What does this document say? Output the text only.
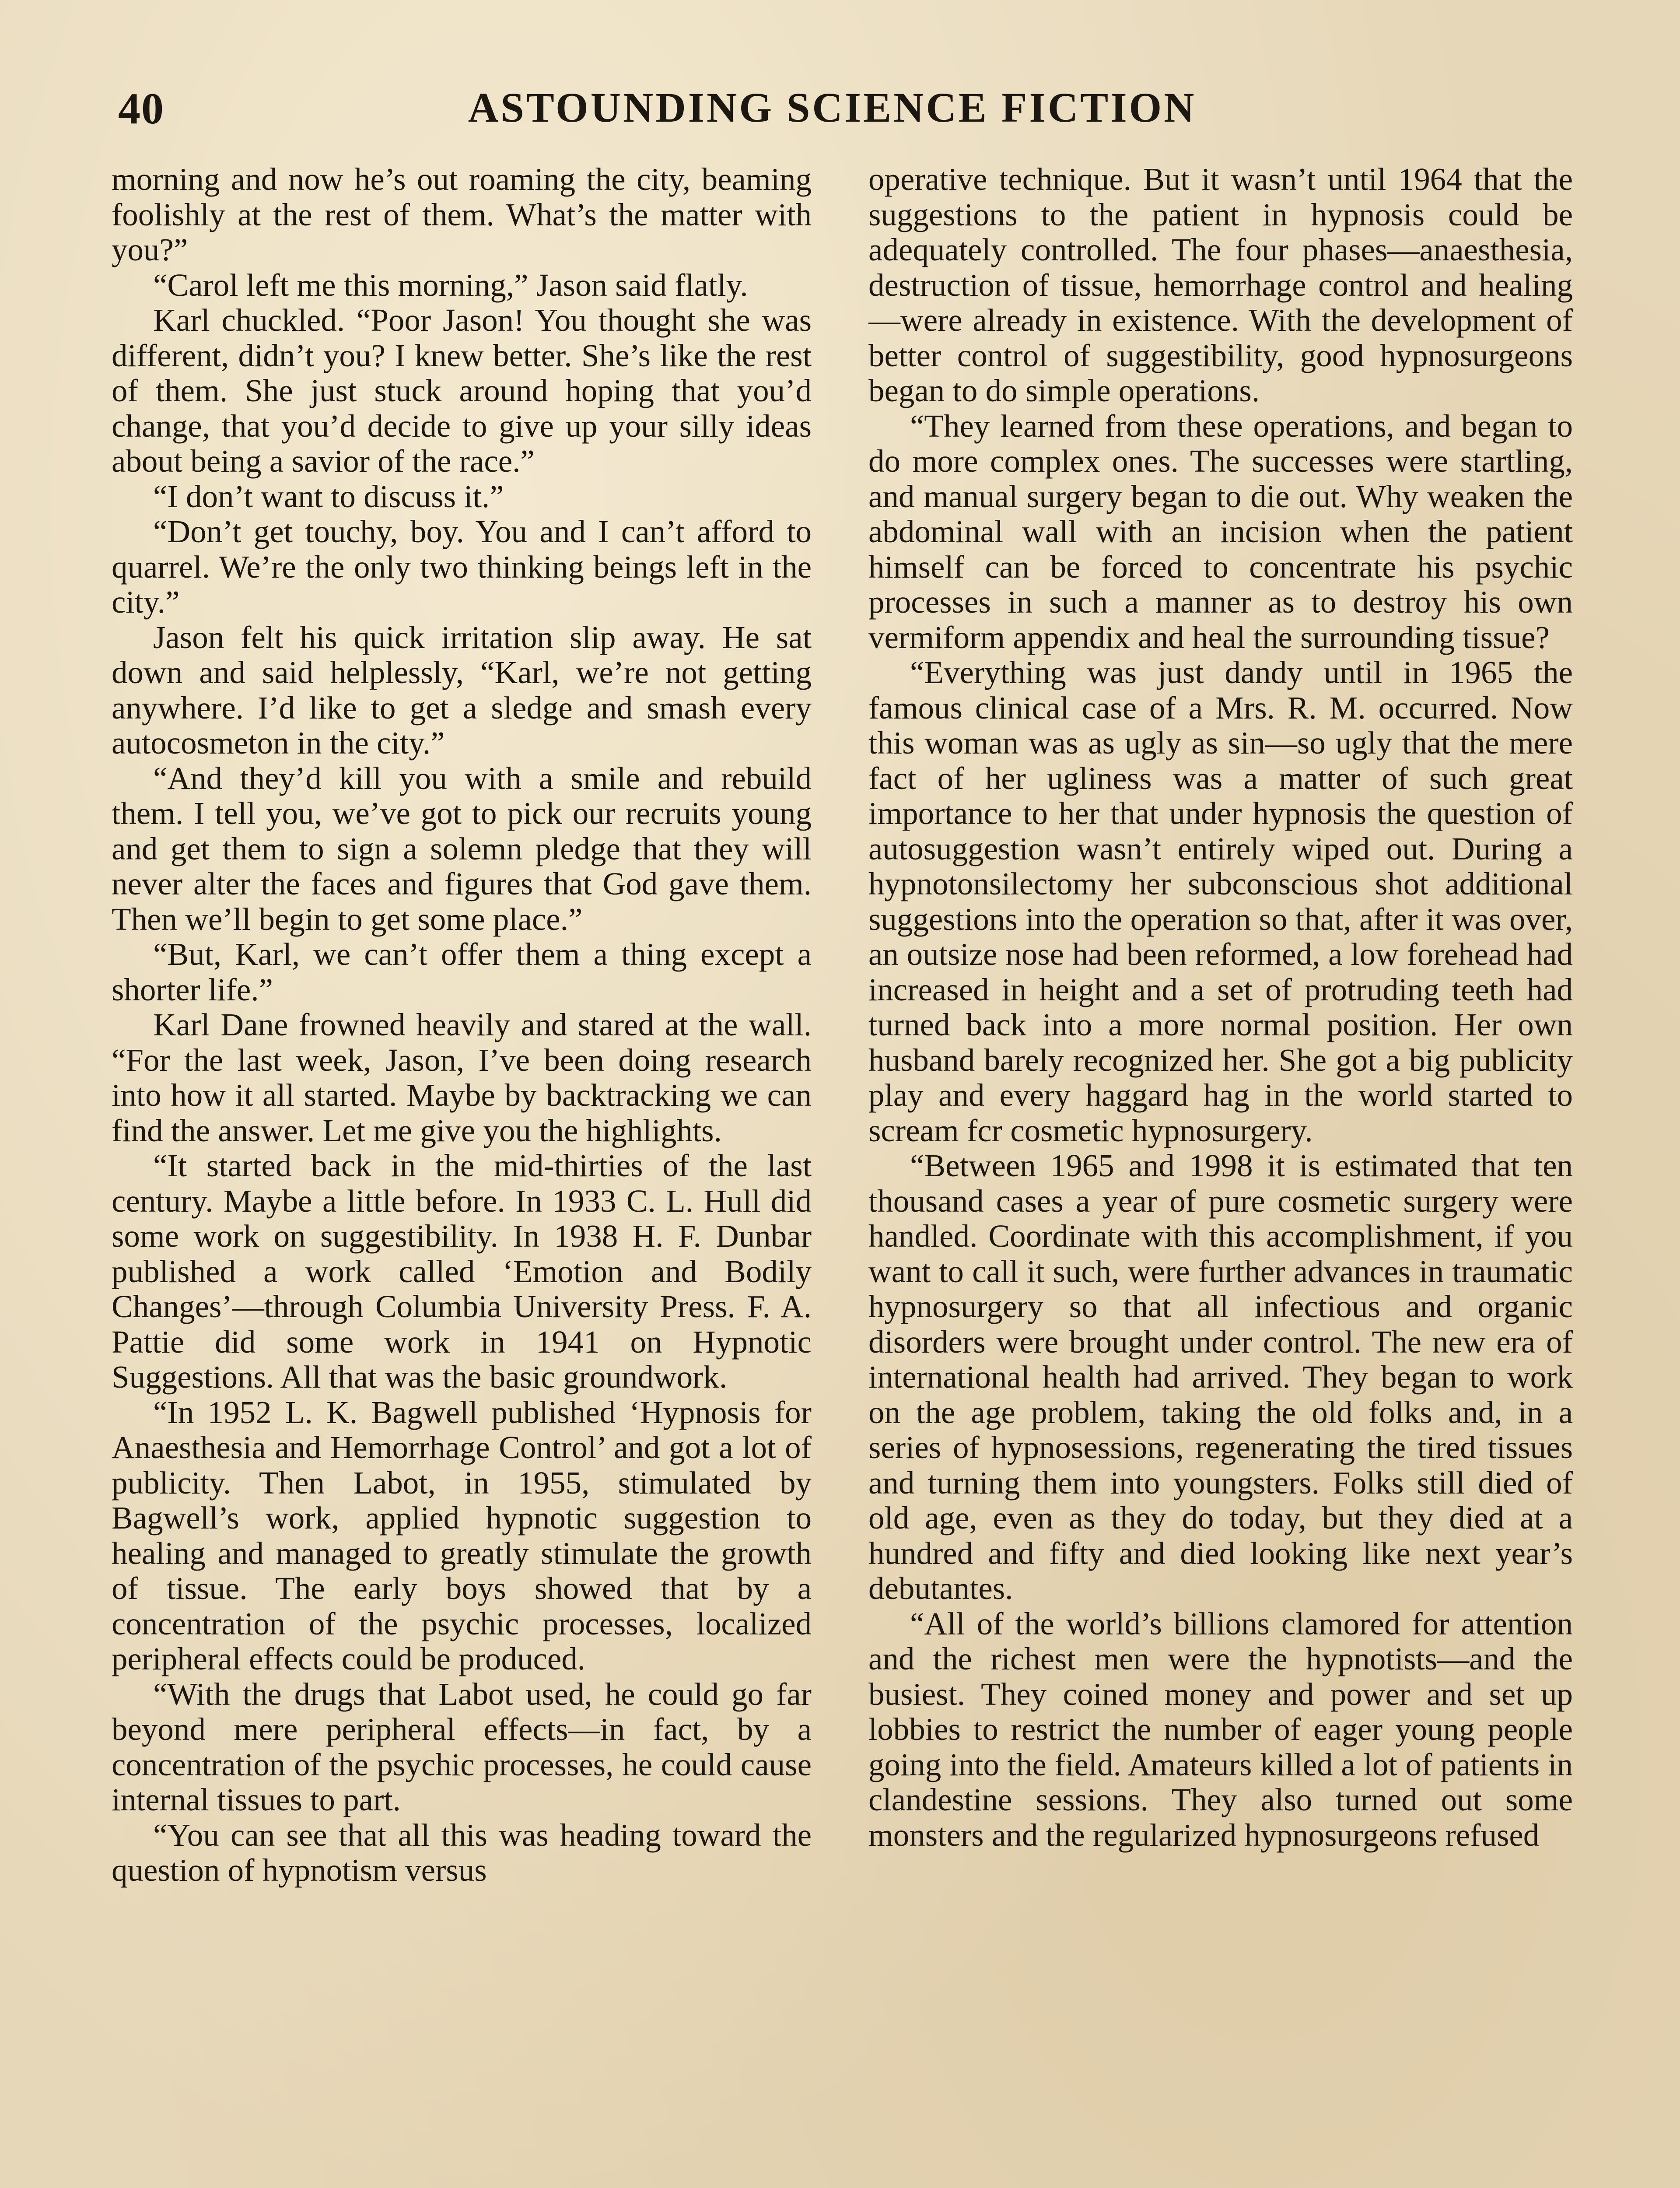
40	ASTOUNDING SCIENCE FICTION

morning and now he’s out roaming the city, beaming foolishly at the rest of them. What’s the matter with you?”

“Carol left me this morning,” Jason said flatly.

Karl chuckled. “Poor Jason! You thought she was different, didn’t you? I knew better. She’s like the rest of them. She just stuck around hoping that you’d change, that you’d decide to give up your silly ideas about being a savior of the race.”

“I don’t want to discuss it.”

“Don’t get touchy, boy. You and I can’t afford to quarrel. We’re the only two thinking beings left in the city.”

Jason felt his quick irritation slip away. He sat down and said helplessly, “Karl, we’re not getting anywhere. I’d like to get a sledge and smash every autocosmeton in the city.”

“And they’d kill you with a smile and rebuild them. I tell you, we’ve got to pick our recruits young and get them to sign a solemn pledge that they will never alter the faces and figures that God gave them. Then we’ll begin to get some place.”

“But, Karl, we can’t offer them a thing except a shorter life.”

Karl Dane frowned heavily and stared at the wall. “For the last week, Jason, I’ve been doing research into how it all started. Maybe by backtracking we can find the answer. Let me give you the highlights.

“It started back in the mid-thirties of the last century. Maybe a little before. In 1933 C. L. Hull did some work on suggestibility. In 1938 H. F. Dunbar published a work called ‘Emotion and Bodily Changes’—through Columbia University Press. F. A. Pattie did some work in 1941 on Hypnotic Suggestions. All that was the basic groundwork.

“In 1952 L. K. Bagwell published ‘Hypnosis for Anaesthesia and Hemorrhage Control’ and got a lot of publicity. Then Labot, in 1955, stimulated by Bagwell’s work, applied hypnotic suggestion to healing and managed to greatly stimulate the growth of tissue. The early boys showed that by a concentration of the psychic processes, localized peripheral effects could be produced.

“With the drugs that Labot used, he could go far beyond mere peripheral effects—in fact, by a concentration of the psychic processes, he could cause internal tissues to part.

“You can see that all this was heading toward the question of hypnotism versus

operative technique. But it wasn’t until 1964 that the suggestions to the patient in hypnosis could be adequately controlled. The four phases—anaesthesia, destruction of tissue, hemorrhage control and healing—were already in existence. With the development of better control of suggestibility, good hypnosurgeons began to do simple operations.

“They learned from these operations, and began to do more complex ones. The successes were startling, and manual surgery began to die out. Why weaken the abdominal wall with an incision when the patient himself can be forced to concentrate his psychic processes in such a manner as to destroy his own vermiform appendix and heal the surrounding tissue?

“Everything was just dandy until in 1965 the famous clinical case of a Mrs. R. M. occurred. Now this woman was as ugly as sin—so ugly that the mere fact of her ugliness was a matter of such great importance to her that under hypnosis the question of autosuggestion wasn’t entirely wiped out. During a hypnotonsilectomy her subconscious shot additional suggestions into the operation so that, after it was over, an outsize nose had been reformed, a low forehead had increased in height and a set of protruding teeth had turned back into a more normal position. Her own husband barely recognized her. She got a big publicity play and every haggard hag in the world started to scream fcr cosmetic hypnosurgery.

“Between 1965 and 1998 it is estimated that ten thousand cases a year of pure cosmetic surgery were handled. Coordinate with this accomplishment, if you want to call it such, were further advances in traumatic hypnosurgery so that all infectious and organic disorders were brought under control. The new era of international health had arrived. They began to work on the age problem, taking the old folks and, in a series of hypnosessions, regenerating the tired tissues and turning them into youngsters. Folks still died of old age, even as they do today, but they died at a hundred and fifty and died looking like next year’s debutantes.

“All of the world’s billions clamored for attention and the richest men were the hypnotists—and the busiest. They coined money and power and set up lobbies to restrict the number of eager young people going into the field. Amateurs killed a lot of patients in clandestine sessions. They also turned out some monsters and the regularized hypnosurgeons refused
